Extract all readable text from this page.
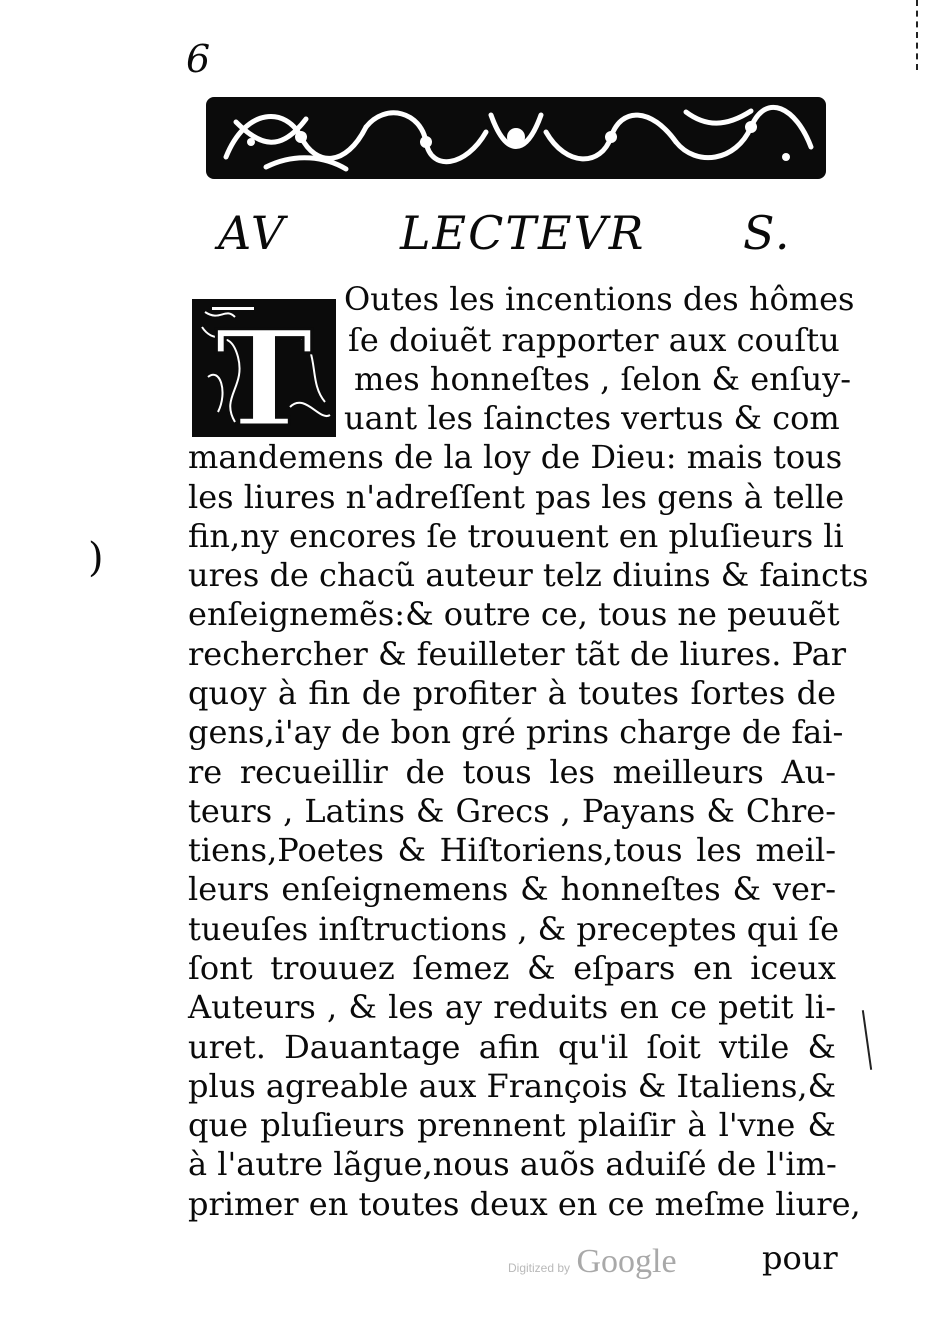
6
AV LECTEVR S.
T
Outes les incentions des hômes
ſe doiuẽt rapporter aux couſtu
mes honneſtes , ſelon & enſuy-
uant les ſainctes vertus & com
mandemens de la loy de Dieu: mais tous
les liures n'adreſſent pas les gens à telle
fin,ny encores ſe trouuent en pluſieurs li
ures de chacũ auteur telz diuins & faincts
enſeignemẽs:& outre ce, tous ne peuuẽt
rechercher & feuilleter tãt de liures. Par
quoy à fin de profiter à toutes ſortes de
gens,i'ay de bon gré prins charge de fai-
re recueillir de tous les meilleurs Au-
teurs , Latins & Grecs , Payans & Chre-
tiens,Poetes & Hiſtoriens,tous les meil-
leurs enſeignemens & honneſtes & ver-
tueuſes inſtructions , & preceptes qui ſe
ſont trouuez ſemez & eſpars en iceux
Auteurs , & les ay reduits en ce petit li-
uret. Dauantage afin qu'il ſoit vtile &
plus agreable aux François & Italiens,&
que pluſieurs prennent plaiſir à l'vne &
à l'autre lãgue,nous auõs aduiſé de l'im-
primer en toutes deux en ce meſme liure,
Digitized by Google	pour
)
